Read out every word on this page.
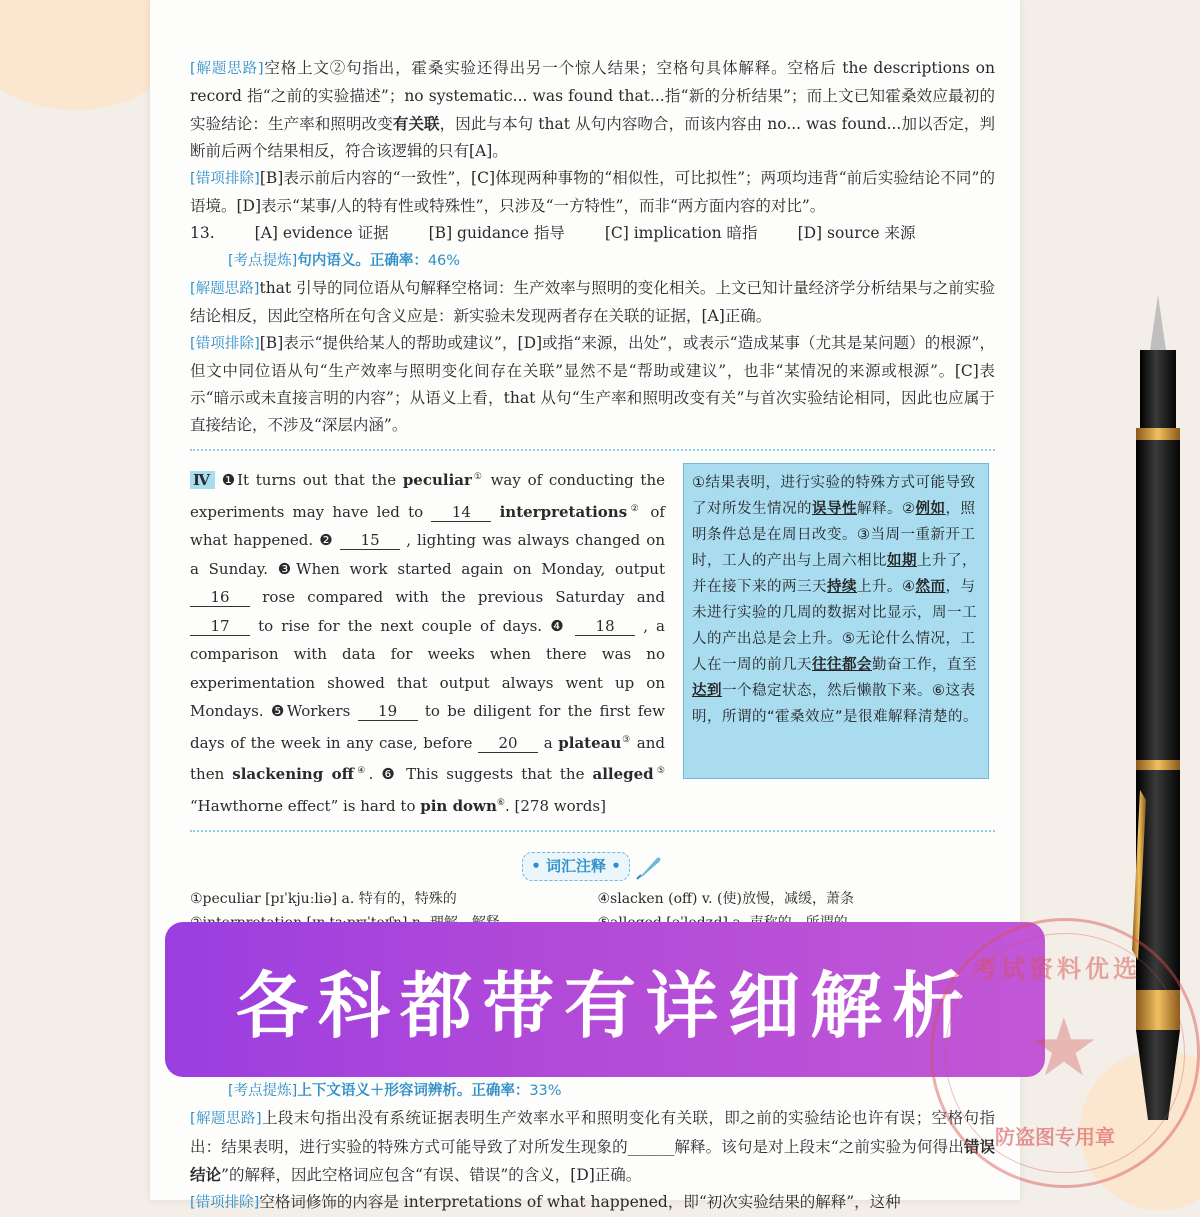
[解题思路]空格上文②句指出，霍桑实验还得出另一个惊人结果；空格句具体解释。空格后 the descriptions on record 指“之前的实验描述”；no systematic... was found that...指“新的分析结果”；而上文已知霍桑效应最初的实验结论：生产率和照明改变有关联，因此与本句 that 从句内容吻合，而该内容由 no... was found...加以否定，判断前后两个结果相反，符合该逻辑的只有[A]。

[错项排除][B]表示前后内容的“一致性”，[C]体现两种事物的“相似性，可比拟性”；两项均违背“前后实验结论不同”的语境。[D]表示“某事/人的特有性或特殊性”，只涉及“一方特性”，而非“两方面内容的对比”。

13.	[A] evidence 证据	[B] guidance 指导	[C] implication 暗指	[D] source 来源

[考点提炼]句内语义。正确率：46%

[解题思路]that 引导的同位语从句解释空格词：生产效率与照明的变化相关。上文已知计量经济学分析结果与之前实验结论相反，因此空格所在句含义应是：新实验未发现两者存在关联的证据，[A]正确。

[错项排除][B]表示“提供给某人的帮助或建议”，[D]或指“来源，出处”，或表示“造成某事（尤其是某问题）的根源”，但文中同位语从句“生产效率与照明变化间存在关联”显然不是“帮助或建议”，也非“某情况的来源或根源”。[C]表示“暗示或未直接言明的内容”；从语义上看，that 从句“生产率和照明改变有关”与首次实验结论相同，因此也应属于直接结论，不涉及“深层内涵”。

Ⅳ ❶It turns out that the peculiar① way of conducting the experiments may have led to 14 interpretations② of what happened. ❷ 15 , lighting was always changed on a Sunday. ❸When work started again on Monday, output 16 rose compared with the previous Saturday and 17 to rise for the next couple of days. ❹ 18 , a comparison with data for weeks when there was no experimentation showed that output always went up on Mondays. ❺Workers 19 to be diligent for the first few days of the week in any case, before 20 a plateau③ and then slackening off④. ❻ This suggests that the alleged⑤ “Hawthorne effect” is hard to pin down⑥. [278 words]
①结果表明，进行实验的特殊方式可能导致了对所发生情况的误导性解释。②例如，照明条件总是在周日改变。③当周一重新开工时，工人的产出与上周六相比如期上升了，并在接下来的两三天持续上升。④然而，与未进行实验的几周的数据对比显示，周一工人的产出总是会上升。⑤无论什么情况，工人在一周的前几天往往都会勤奋工作，直至达到一个稳定状态，然后懒散下来。⑥这表明，所谓的“霍桑效应”是很难解释清楚的。
• 词汇注释 •
①peculiar [pɪˈkjuːliə] a. 特有的，特殊的	④slacken (off) v. (使)放慢，减缓，萧条

各科都带有详细解析

[考点提炼]上下文语义＋形容词辨析。正确率：33%

[解题思路]上段末句指出没有系统证据表明生产效率水平和照明变化有关联，即之前的实验结论也许有误；空格句指出：结果表明，进行实验的特殊方式可能导致了对所发生现象的______解释。该句是对上段末“之前实验为何得出错误结论”的解释，因此空格词应包含“有误、错误”的含义，[D]正确。

[错项排除]空格词修饰的内容是 interpretations of what happened，即“初次实验结果的解释”，这种

★
考试资料优选
防盗图专用章
